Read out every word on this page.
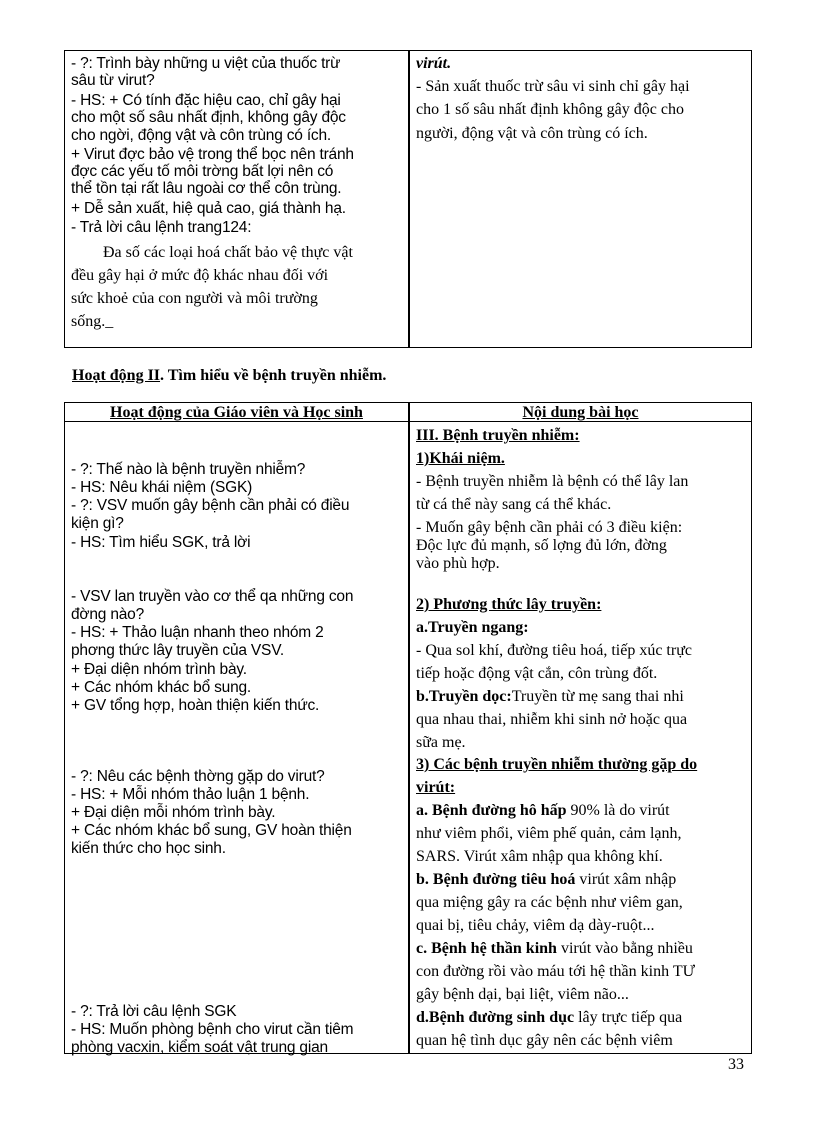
- ?: Trình bày những u việt của thuốc trừ
sâu từ virut?
- HS: + Có tính đặc hiệu cao, chỉ gây hại
cho một số sâu nhất định, không gây độc
cho ngời, động vật và côn trùng có ích.
+ Virut đợc bảo vệ trong thể bọc nên tránh
đợc các yếu tố môi trờng bất lợi nên có
thể tồn tại rất lâu ngoài cơ thể côn trùng.
+ Dễ sản xuất, hiệ quả cao, giá thành hạ.
- Trả lời câu lệnh trang124:
Đa số các loại hoá chất bảo vệ thực vật
đều gây hại ở mức độ khác nhau đối với
sức khoẻ của con người và môi trường
sống._
virút.
- Sản xuất thuốc trừ sâu vi sinh chỉ gây hại
cho 1 số sâu nhất định không gây độc cho
người, động vật và côn trùng có ích.
Hoạt động II. Tìm hiểu về bệnh truyền nhiễm.
Hoạt động của Giáo viên và Học sinh
- ?: Thế nào là bệnh truyền nhiễm?
- HS: Nêu khái niệm (SGK)
- ?: VSV muốn gây bệnh cần phải có điều
kiện gì?
- HS: Tìm hiểu SGK, trả lời
- VSV lan truyền vào cơ thể qa những con
đờng nào?
- HS: + Thảo luận nhanh theo nhóm 2
phơng thức lây truyền của VSV.
+ Đại diện nhóm trình bày.
+ Các nhóm khác bổ sung.
+ GV tổng hợp, hoàn thiện kiến thức.
- ?: Nêu các bệnh thờng gặp do virut?
- HS: + Mỗi nhóm thảo luận 1 bệnh.
+ Đại diện mỗi nhóm trình bày.
+ Các nhóm khác bổ sung, GV hoàn thiện
kiến thức cho học sinh.
- ?: Trả lời câu lệnh SGK
- HS: Muốn phòng bệnh cho virut cần tiêm
phòng vacxin, kiểm soát vật trung gian
Nội dung bài học
III. Bệnh truyền nhiễm:
1)Khái niệm.
- Bệnh truyền nhiễm là bệnh có thể lây lan
từ cá thể này sang cá thể khác.
- Muốn gây bệnh cần phải có 3 điều kiện:
Độc lực đủ mạnh, số lợng đủ lớn, đờng
vào phù hợp.
2) Phương thức lây truyền:
a.Truyền ngang:
- Qua sol khí, đường tiêu hoá, tiếp xúc trực
tiếp hoặc động vật cắn, côn trùng đốt.
b.Truyền dọc:Truyền từ mẹ sang thai nhi
qua nhau thai, nhiễm khi sinh nở hoặc qua
sữa mẹ.
3) Các bệnh truyền nhiễm thường gặp do
virút:
a. Bệnh đường hô hấp 90% là do virút
như viêm phổi, viêm phế quản, cảm lạnh,
SARS. Virút xâm nhập qua không khí.
b. Bệnh đường tiêu hoá virút xâm nhập
qua miệng gây ra các bệnh như viêm gan,
quai bị, tiêu chảy, viêm dạ dày-ruột...
c. Bệnh hệ thần kinh virút vào bằng nhiều
con đường rồi vào máu tới hệ thần kinh TƯ
gây bệnh dại, bại liệt, viêm não...
d.Bệnh đường sinh dục lây trực tiếp qua
quan hệ tình dục gây nên các bệnh viêm
33
